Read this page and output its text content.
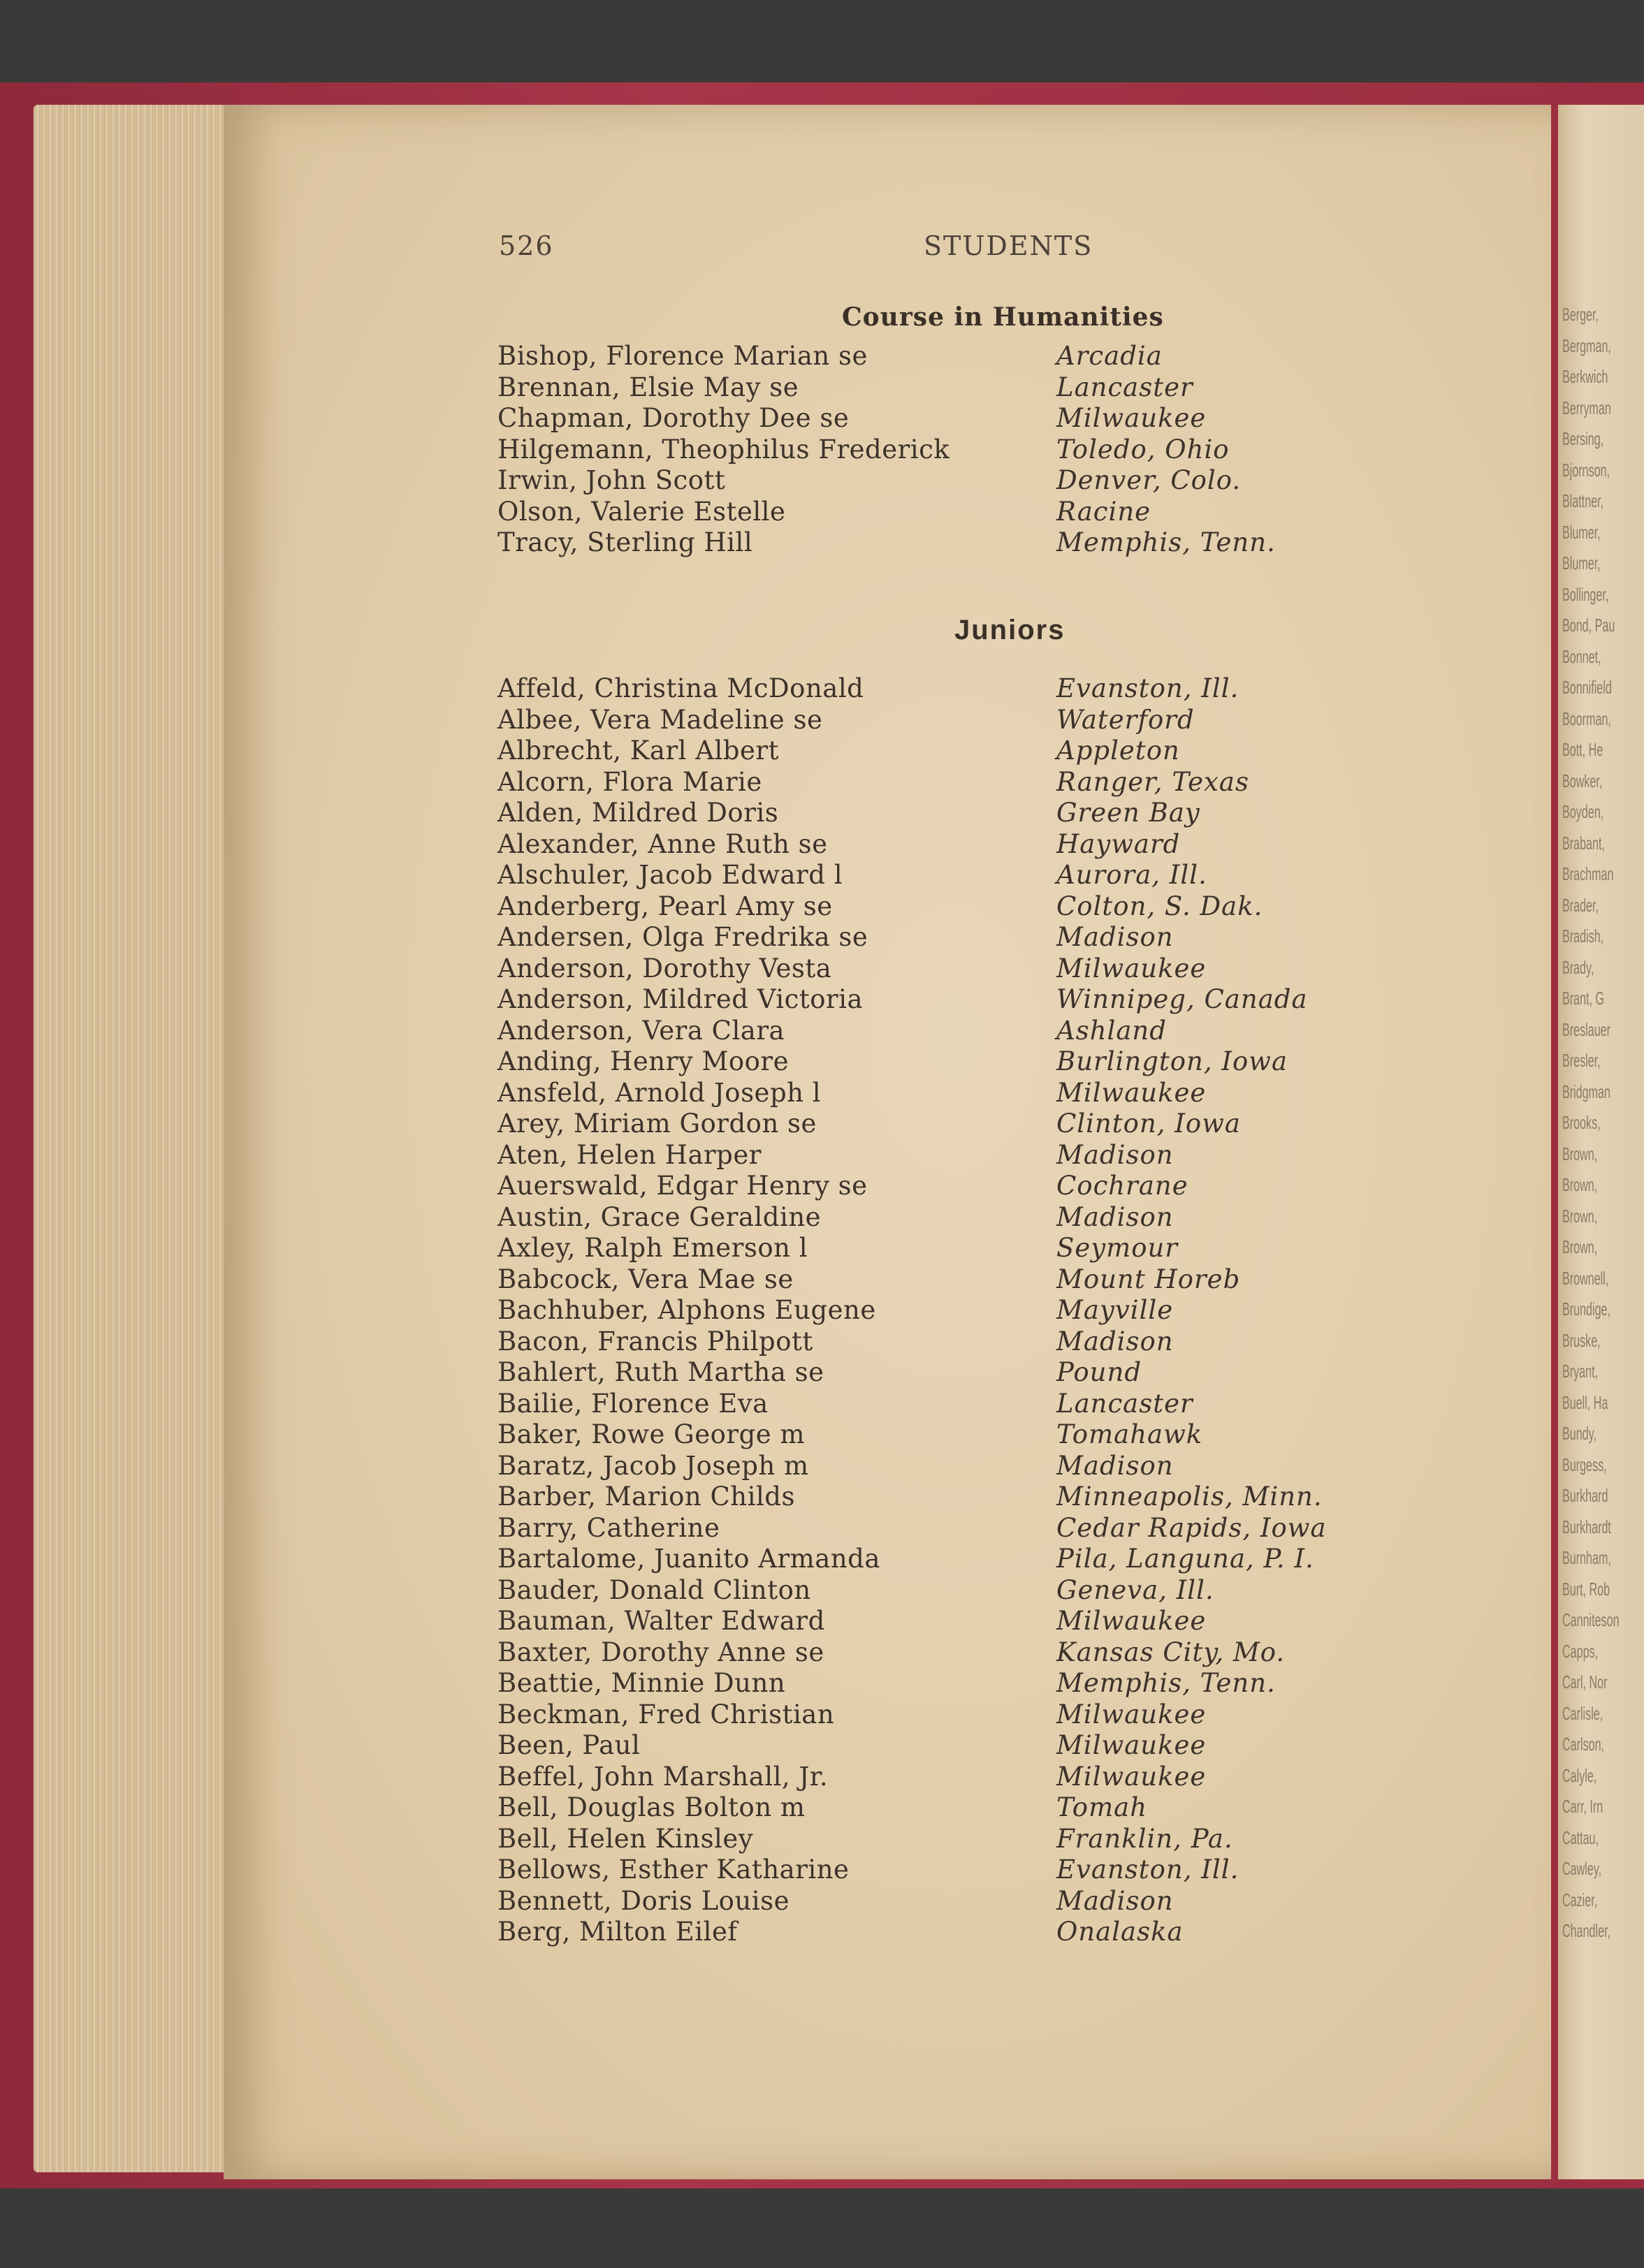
Berger,
Bergman,
Berkwich
Berryman
Bersing,
Bjornson,
Blattner,
Blumer,
Blumer,
Bollinger,
Bond, Pau
Bonnet,
Bonnifield
Boorman,
Bott, He
Bowker,
Boyden,
Brabant,
Brachman
Brader,
Bradish,
Brady,
Brant, G
Breslauer
Bresler,
Bridgman
Brooks,
Brown,
Brown,
Brown,
Brown,
Brownell,
Brundige,
Bruske,
Bryant,
Buell, Ha
Bundy,
Burgess,
Burkhard
Burkhardt
Burnham,
Burt, Rob
Canniteson
Capps,
Carl, Nor
Carlisle,
Carlson,
Calyle,
Carr, Irn
Cattau,
Cawley,
Cazier,
Chandler,
526	STUDENTS
Course in Humanities
Bishop, Florence Marian se	Arcadia
Brennan, Elsie May se	Lancaster
Chapman, Dorothy Dee se	Milwaukee
Hilgemann, Theophilus Frederick	Toledo, Ohio
Irwin, John Scott	Denver, Colo.
Olson, Valerie Estelle	Racine
Tracy, Sterling Hill	Memphis, Tenn.
Juniors
Affeld, Christina McDonald	Evanston, Ill.
Albee, Vera Madeline se	Waterford
Albrecht, Karl Albert	Appleton
Alcorn, Flora Marie	Ranger, Texas
Alden, Mildred Doris	Green Bay
Alexander, Anne Ruth se	Hayward
Alschuler, Jacob Edward l	Aurora, Ill.
Anderberg, Pearl Amy se	Colton, S. Dak.
Andersen, Olga Fredrika se	Madison
Anderson, Dorothy Vesta	Milwaukee
Anderson, Mildred Victoria	Winnipeg, Canada
Anderson, Vera Clara	Ashland
Anding, Henry Moore	Burlington, Iowa
Ansfeld, Arnold Joseph l	Milwaukee
Arey, Miriam Gordon se	Clinton, Iowa
Aten, Helen Harper	Madison
Auerswald, Edgar Henry se	Cochrane
Austin, Grace Geraldine	Madison
Axley, Ralph Emerson l	Seymour
Babcock, Vera Mae se	Mount Horeb
Bachhuber, Alphons Eugene	Mayville
Bacon, Francis Philpott	Madison
Bahlert, Ruth Martha se	Pound
Bailie, Florence Eva	Lancaster
Baker, Rowe George m	Tomahawk
Baratz, Jacob Joseph m	Madison
Barber, Marion Childs	Minneapolis, Minn.
Barry, Catherine	Cedar Rapids, Iowa
Bartalome, Juanito Armanda	Pila, Languna, P. I.
Bauder, Donald Clinton	Geneva, Ill.
Bauman, Walter Edward	Milwaukee
Baxter, Dorothy Anne se	Kansas City, Mo.
Beattie, Minnie Dunn	Memphis, Tenn.
Beckman, Fred Christian	Milwaukee
Been, Paul	Milwaukee
Beffel, John Marshall, Jr.	Milwaukee
Bell, Douglas Bolton m	Tomah
Bell, Helen Kinsley	Franklin, Pa.
Bellows, Esther Katharine	Evanston, Ill.
Bennett, Doris Louise	Madison
Berg, Milton Eilef	Onalaska
